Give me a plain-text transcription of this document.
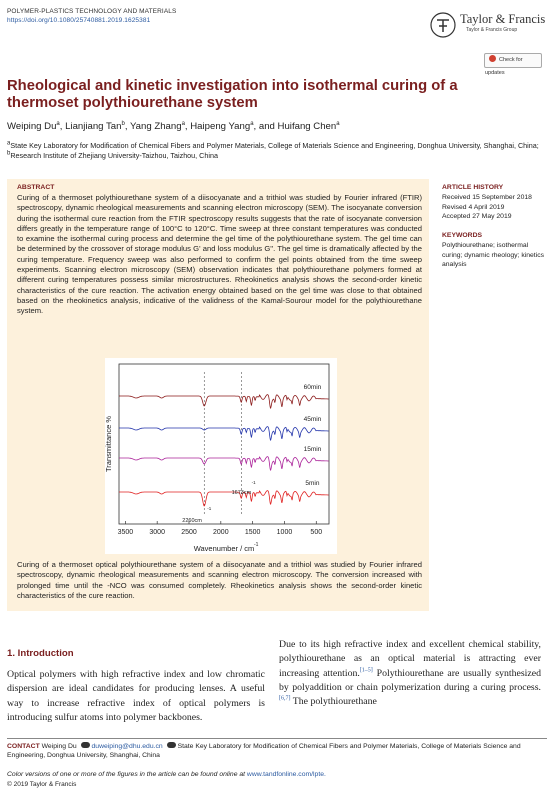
POLYMER-PLASTICS TECHNOLOGY AND MATERIALS
https://doi.org/10.1080/25740881.2019.1625381	Taylor & Francis
Taylor & Francis Group
Check for updates
Rheological and kinetic investigation into isothermal curing of a thermoset polythiourethane system
Weiping Du$^a$, Lianjiang Tan$^b$, Yang Zhang$^a$, Haipeng Yang$^a$, and Huifang Chen$^a$
$^a$State Key Laboratory for Modification of Chemical Fibers and Polymer Materials, College of Materials Science and Engineering, Donghua University, Shanghai, China; $^b$Research Institute of Zhejiang University-Taizhou, Taizhou, China
ABSTRACT
Curing of a thermoset polythiourethane system of a diisocyanate and a trithiol was studied by Fourier infrared (FTIR) spectroscopy, dynamic rheological measurements and scanning electron microscopy (SEM). The isocyanate conversion during the isothermal cure reaction from the FTIR spectroscopy results suggests that the rate of isocyanate conversion differs greatly in the temperature range of 100°C to 120°C. Time sweep at three constant temperatures was conducted to examine the isothermal curing process and determine the gel time of the polythiourethane system. The gel time can be determined by the crossover of storage modulus G' and loss modulus G''. The gel time is dramatically affected by the curing temperature. Frequency sweep was also performed to confirm the gel points obtained from the time sweep experiments. Scanning electron microscopy (SEM) observation indicates that polythiourethane polymers formed at different curing temperatures possess similar microstructures. Rheokinetics analysis shows the second-order kinetic characteristics of the cure reaction. The activation energy obtained based on the gel time was close to that obtained based on the rheokinetics analysis, indicative of the validness of the Kamal-Sourour model for the polythiourethane system.
3500 3000 2500 2000 1500 1000	500
Wavenumber / cm -1
Transmittance %
60min
45min
15min
5min
2260cm
-1
1673cm
-1
Curing of a thermoset optical polythiourethane system of a diisocyanate and a trithiol was studied by Fourier infrared spectroscopy, dynamic rheological measurements and scanning electron microscopy. The conversion increased with prolonged time until the -NCO was consumed completely. Rheokinetics analysis shows the second-order kinetic characteristics of the cure reaction.
ARTICLE HISTORY
Received 15 September 2018
Revised 4 April 2019
Accepted 27 May 2019
KEYWORDS
Polythiourethane; isothermal curing; dynamic rheology; kinetics analysis
1. Introduction
Optical polymers with high refractive index and low chromatic dispersion are ideal candidates for producing lenses. A useful way to increase refractive index of optical polymers is introducing sulfur atoms into polymer backbones.
Due to its high refractive index and excellent chemical stability, polythiourethane as an optical material is attracting ever increasing attention.[1–5] Polythiourethane are usually synthesized by polyaddition or chain polymerization during a curing process.[6,7] The polythiourethane
CONTACT Weiping Du duweiping@dhu.edu.cn State Key Laboratory for Modification of Chemical Fibers and Polymer Materials, College of Materials Science and Engineering, Donghua University, Shanghai, China
Color versions of one or more of the figures in the article can be found online at www.tandfonline.com/lpte.
© 2019 Taylor & Francis
